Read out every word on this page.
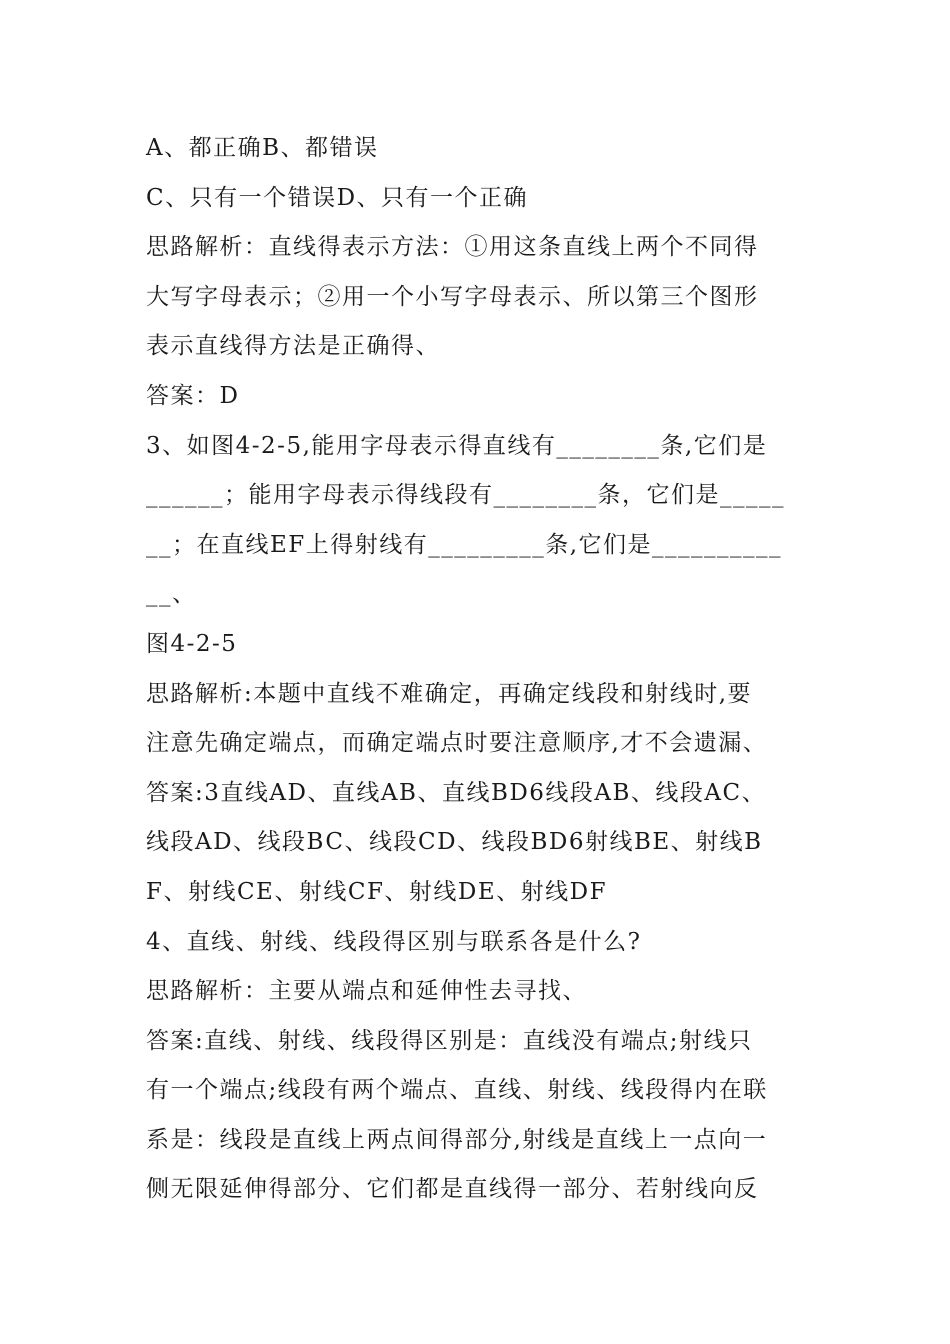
A、都正确B、都错误
C、只有一个错误D、只有一个正确
思路解析：直线得表示方法：①用这条直线上两个不同得
大写字母表示；②用一个小写字母表示、所以第三个图形
表示直线得方法是正确得、
答案：D
3、如图4-2-5,能用字母表示得直线有________条,它们是
______；能用字母表示得线段有________条，它们是_____
__；在直线EF上得射线有_________条,它们是__________
__、
图4-2-5
思路解析:本题中直线不难确定，再确定线段和射线时,要
注意先确定端点，而确定端点时要注意顺序,才不会遗漏、
答案:3直线AD、直线AB、直线BD6线段AB、线段AC、
线段AD、线段BC、线段CD、线段BD6射线BE、射线B
F、射线CE、射线CF、射线DE、射线DF
4、直线、射线、线段得区别与联系各是什么?
思路解析：主要从端点和延伸性去寻找、
答案:直线、射线、线段得区别是：直线没有端点;射线只
有一个端点;线段有两个端点、直线、射线、线段得内在联
系是：线段是直线上两点间得部分,射线是直线上一点向一
侧无限延伸得部分、它们都是直线得一部分、若射线向反
